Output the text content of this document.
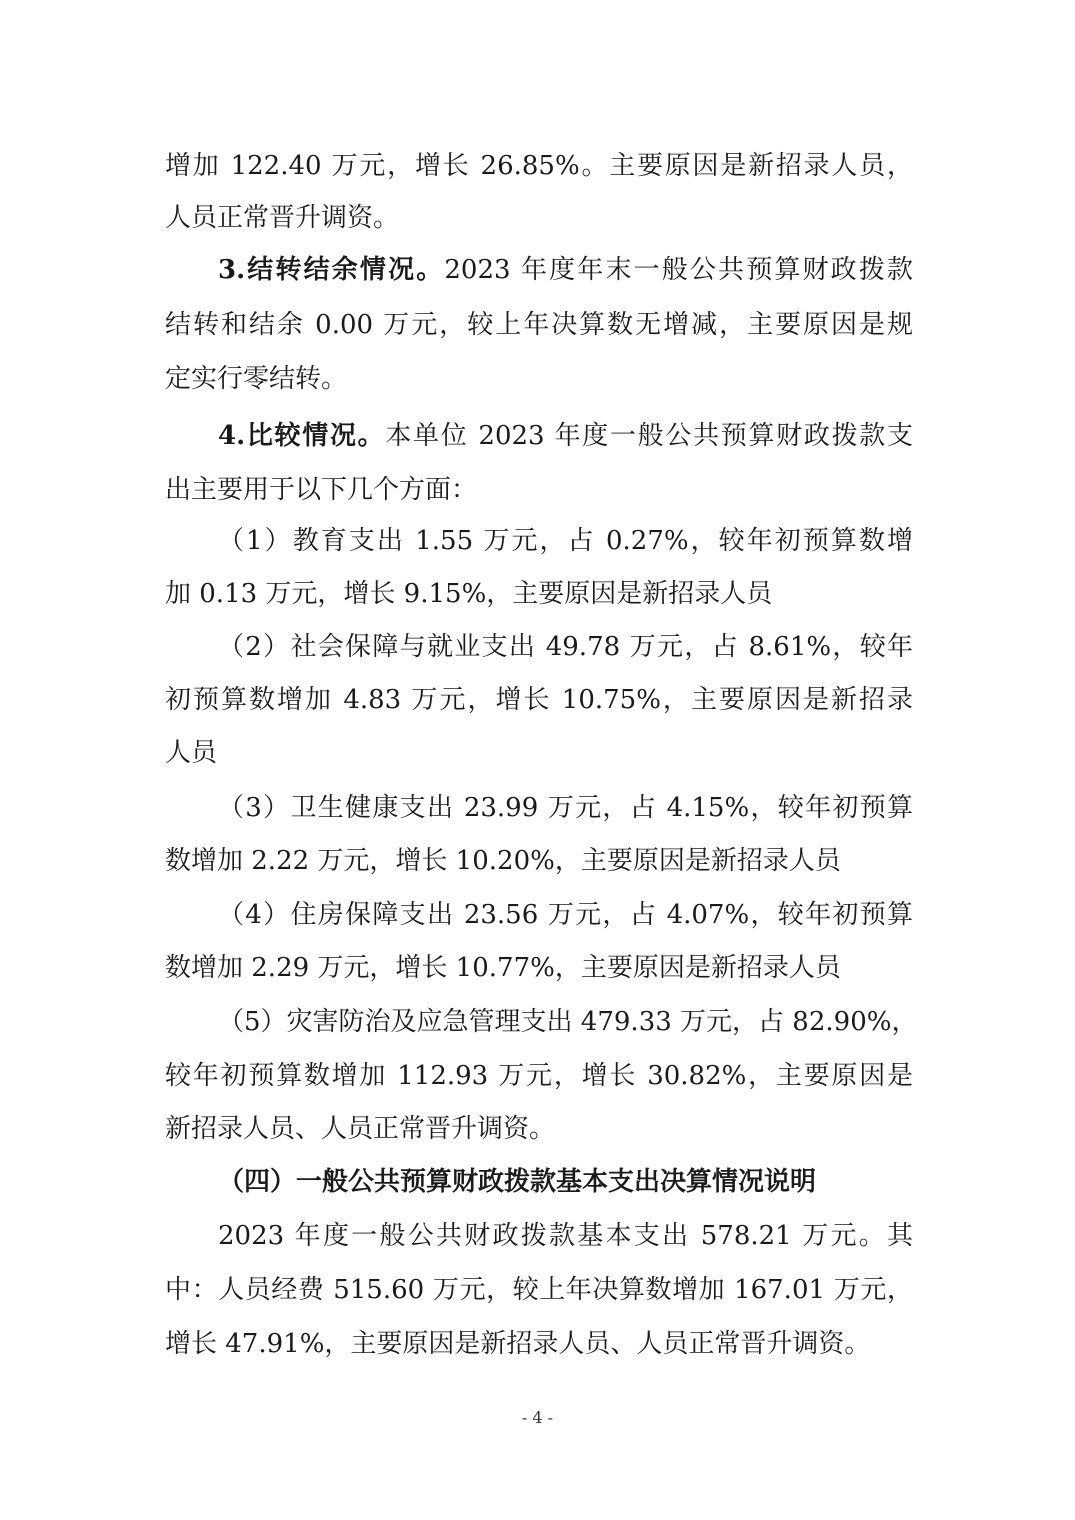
增加 122.40 万元，增长 26.85%。主要原因是新招录人员，
人员正常晋升调资。
3.结转结余情况。2023 年度年末一般公共预算财政拨款
结转和结余 0.00 万元，较上年决算数无增减，主要原因是规
定实行零结转。
4.比较情况。本单位 2023 年度一般公共预算财政拨款支
出主要用于以下几个方面：
（1）教育支出 1.55 万元，占 0.27%，较年初预算数增
加 0.13 万元，增长 9.15%，主要原因是新招录人员
（2）社会保障与就业支出 49.78 万元，占 8.61%，较年
初预算数增加 4.83 万元，增长 10.75%，主要原因是新招录
人员
（3）卫生健康支出 23.99 万元，占 4.15%，较年初预算
数增加 2.22 万元，增长 10.20%，主要原因是新招录人员
（4）住房保障支出 23.56 万元，占 4.07%，较年初预算
数增加 2.29 万元，增长 10.77%，主要原因是新招录人员
（5）灾害防治及应急管理支出 479.33 万元，占 82.90%，
较年初预算数增加 112.93 万元，增长 30.82%，主要原因是
新招录人员、人员正常晋升调资。
（四）一般公共预算财政拨款基本支出决算情况说明
2023 年度一般公共财政拨款基本支出 578.21 万元。其
中：人员经费 515.60 万元，较上年决算数增加 167.01 万元，
增长 47.91%，主要原因是新招录人员、人员正常晋升调资。
- 4 -
